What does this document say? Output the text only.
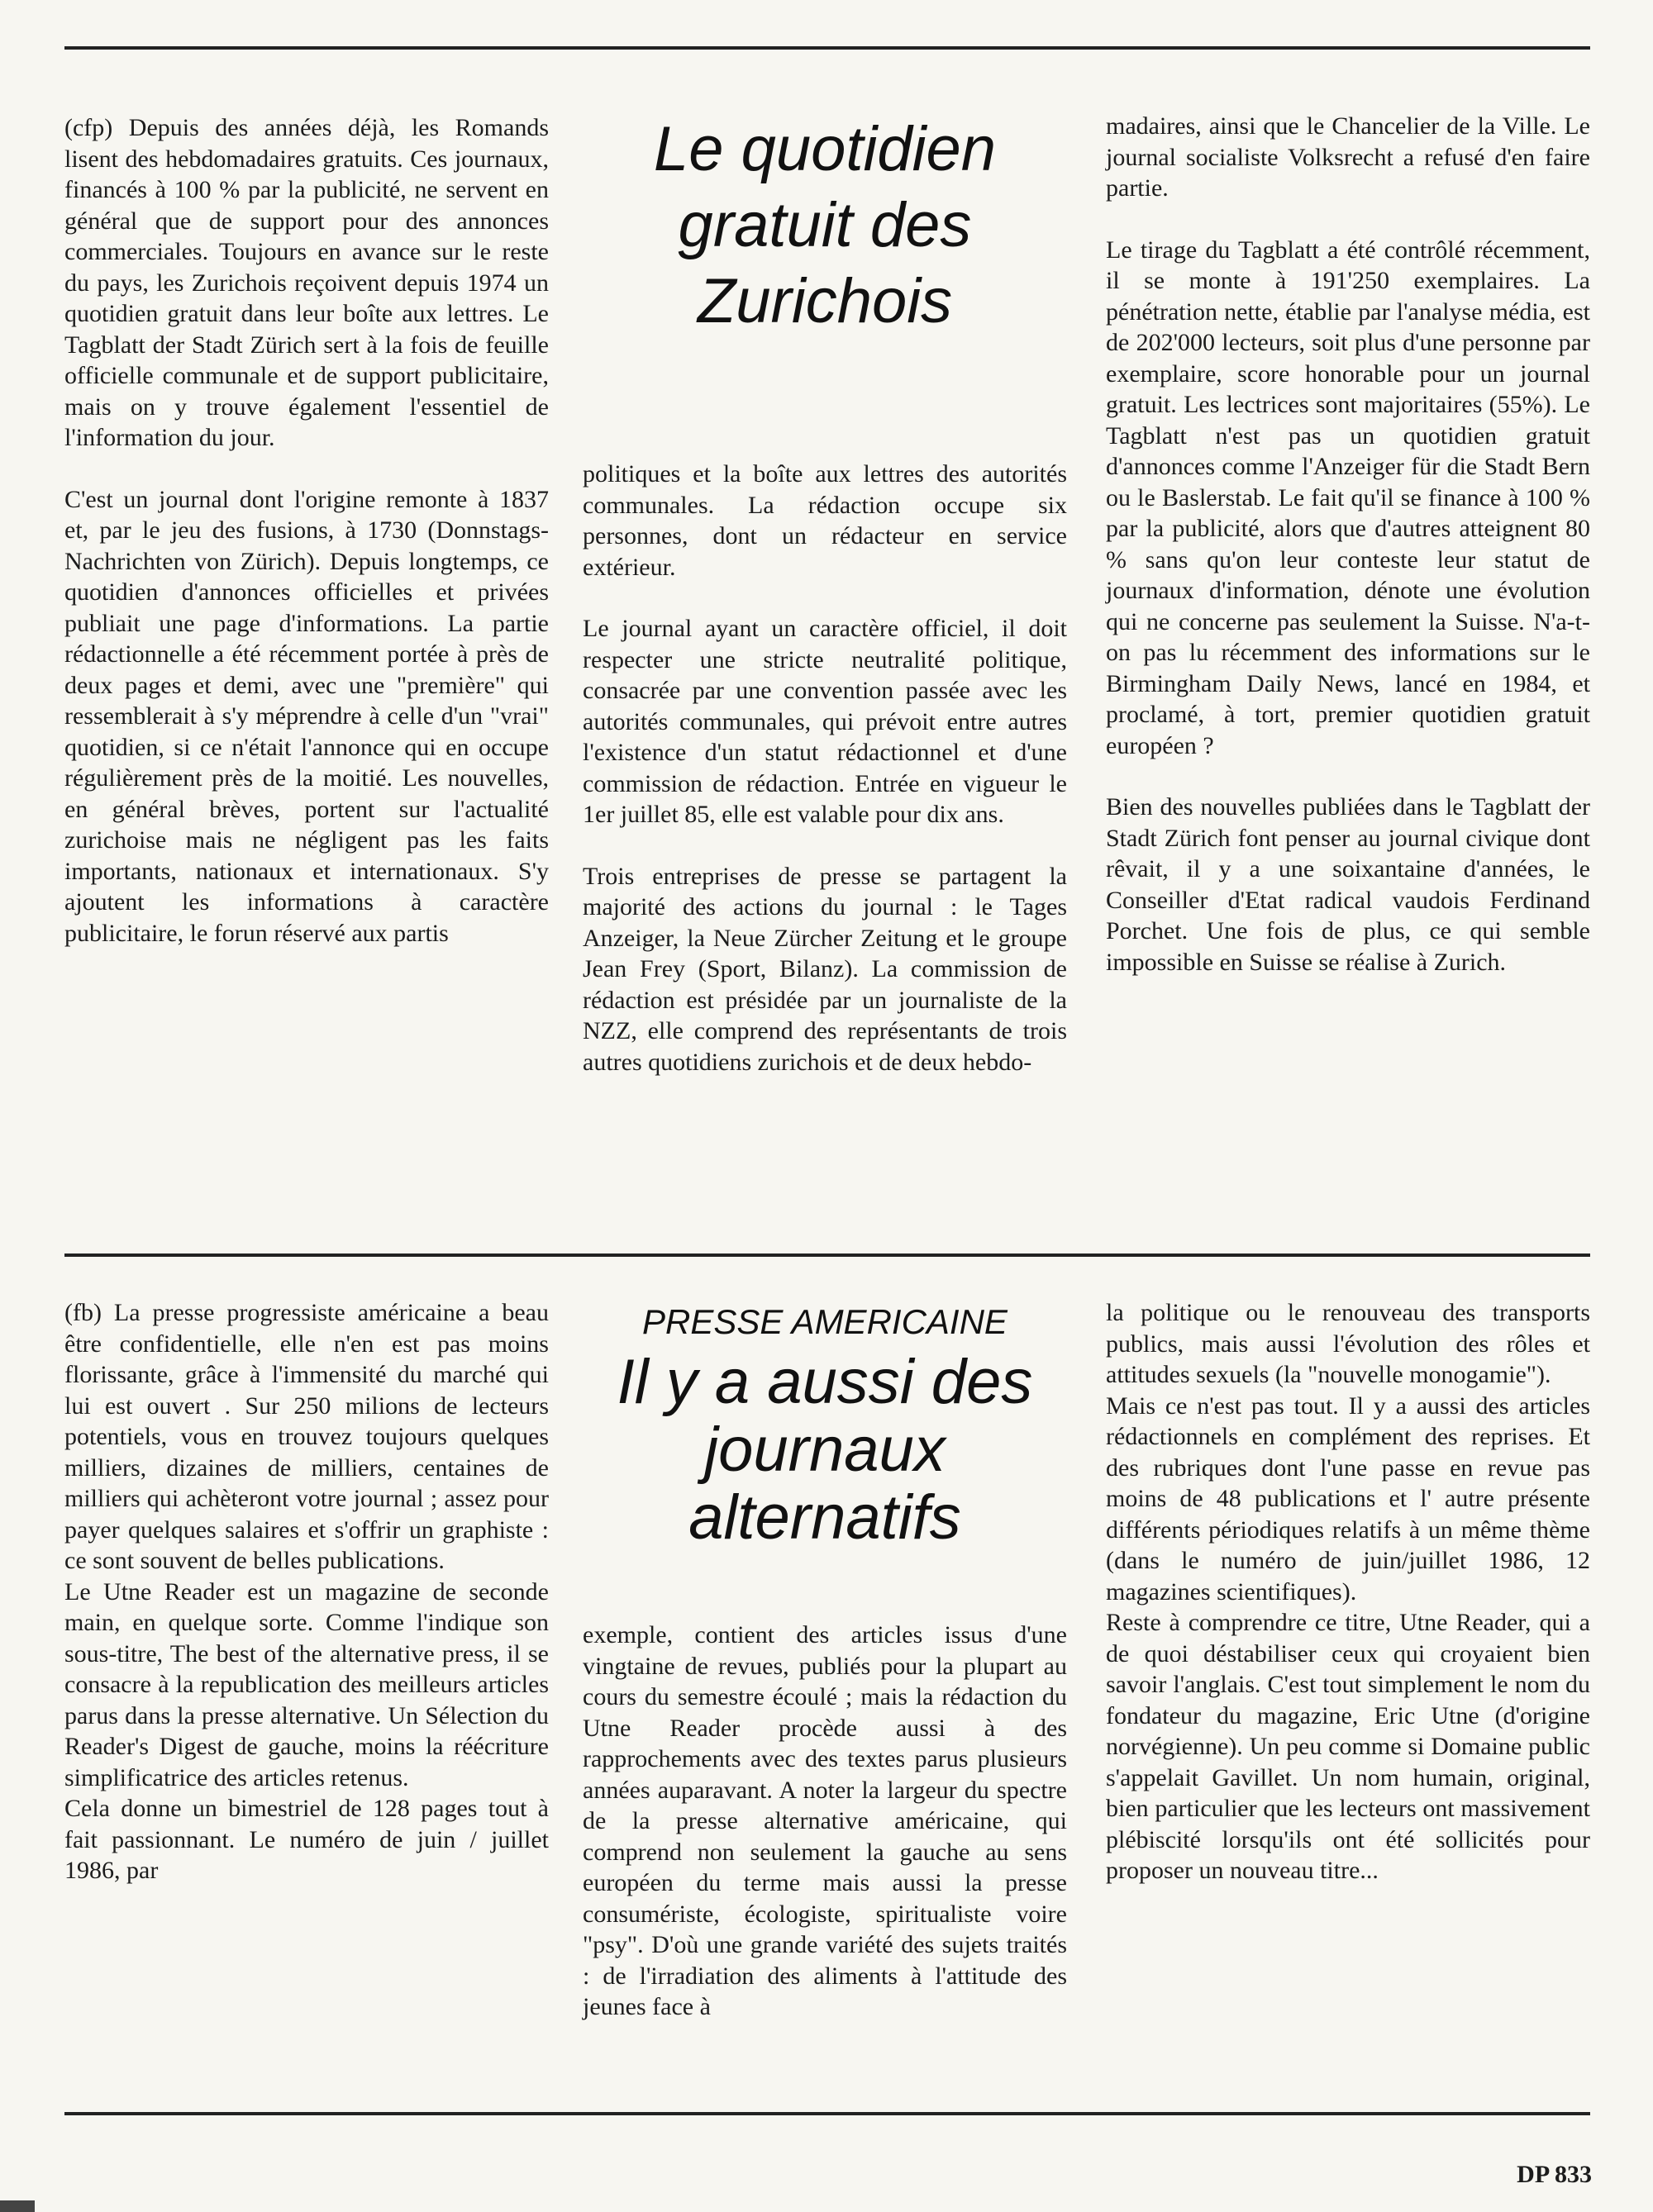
Le quotidien gratuit des Zurichois

(cfp) Depuis des années déjà, les Romands lisent des hebdomadaires gratuits. Ces journaux, financés à 100 % par la publicité, ne servent en général que de support pour des annonces commerciales. Toujours en avance sur le reste du pays, les Zurichois reçoivent depuis 1974 un quotidien gratuit dans leur boîte aux lettres. Le Tagblatt der Stadt Zürich sert à la fois de feuille officielle communale et de support publicitaire, mais on y trouve également l'essentiel de l'information du jour.

C'est un journal dont l'origine remonte à 1837 et, par le jeu des fusions, à 1730 (Donnstags-Nachrichten von Zürich). Depuis longtemps, ce quotidien d'annonces officielles et privées publiait une page d'informations. La partie rédactionnelle a été récemment portée à près de deux pages et demi, avec une "première" qui ressemblerait à s'y méprendre à celle d'un "vrai" quotidien, si ce n'était l'annonce qui en occupe régulièrement près de la moitié. Les nouvelles, en général brèves, portent sur l'actualité zurichoise mais ne négligent pas les faits importants, nationaux et internationaux. S'y ajoutent les informations à caractère publicitaire, le forun réservé aux partis

politiques et la boîte aux lettres des autorités communales. La rédaction occupe six personnes, dont un rédacteur en service extérieur.

Le journal ayant un caractère officiel, il doit respecter une stricte neutralité politique, consacrée par une convention passée avec les autorités communales, qui prévoit entre autres l'existence d'un statut rédactionnel et d'une commission de rédaction. Entrée en vigueur le 1er juillet 85, elle est valable pour dix ans.

Trois entreprises de presse se partagent la majorité des actions du journal : le Tages Anzeiger, la Neue Zürcher Zeitung et le groupe Jean Frey (Sport, Bilanz). La commission de rédaction est présidée par un journaliste de la NZZ, elle comprend des représentants de trois autres quotidiens zurichois et de deux hebdo-

madaires, ainsi que le Chancelier de la Ville. Le journal socialiste Volksrecht a refusé d'en faire partie.

Le tirage du Tagblatt a été contrôlé récemment, il se monte à 191'250 exemplaires. La pénétration nette, établie par l'analyse média, est de 202'000 lecteurs, soit plus d'une personne par exemplaire, score honorable pour un journal gratuit. Les lectrices sont majoritaires (55%). Le Tagblatt n'est pas un quotidien gratuit d'annonces comme l'Anzeiger für die Stadt Bern ou le Baslerstab. Le fait qu'il se finance à 100 % par la publicité, alors que d'autres atteignent 80 % sans qu'on leur conteste leur statut de journaux d'information, dénote une évolution qui ne concerne pas seulement la Suisse. N'a-t-on pas lu récemment des informations sur le Birmingham Daily News, lancé en 1984, et proclamé, à tort, premier quotidien gratuit européen ?

Bien des nouvelles publiées dans le Tagblatt der Stadt Zürich font penser au journal civique dont rêvait, il y a une soixantaine d'années, le Conseiller d'Etat radical vaudois Ferdinand Porchet. Une fois de plus, ce qui semble impossible en Suisse se réalise à Zurich.

PRESSE AMERICAINE
Il y a aussi des journaux alternatifs

(fb) La presse progressiste américaine a beau être confidentielle, elle n'en est pas moins florissante, grâce à l'immensité du marché qui lui est ouvert . Sur 250 milions de lecteurs potentiels, vous en trouvez toujours quelques milliers, dizaines de milliers, centaines de milliers qui achèteront votre journal ; assez pour payer quelques salaires et s'offrir un graphiste : ce sont souvent de belles publications.

Le Utne Reader est un magazine de seconde main, en quelque sorte. Comme l'indique son sous-titre, The best of the alternative press, il se consacre à la republication des meilleurs articles parus dans la presse alternative. Un Sélection du Reader's Digest de gauche, moins la réécriture simplificatrice des articles retenus.

Cela donne un bimestriel de 128 pages tout à fait passionnant. Le numéro de juin / juillet 1986, par

exemple, contient des articles issus d'une vingtaine de revues, publiés pour la plupart au cours du semestre écoulé ; mais la rédaction du Utne Reader procède aussi à des rapprochements avec des textes parus plusieurs années auparavant. A noter la largeur du spectre de la presse alternative américaine, qui comprend non seulement la gauche au sens européen du terme mais aussi la presse consumériste, écologiste, spiritualiste voire "psy". D'où une grande variété des sujets traités : de l'irradiation des aliments à l'attitude des jeunes face à

la politique ou le renouveau des transports publics, mais aussi l'évolution des rôles et attitudes sexuels (la "nouvelle monogamie").

Mais ce n'est pas tout. Il y a aussi des articles rédactionnels en complément des reprises. Et des rubriques dont l'une passe en revue pas moins de 48 publications et l' autre présente différents périodiques relatifs à un même thème (dans le numéro de juin/juillet 1986, 12 magazines scientifiques).

Reste à comprendre ce titre, Utne Reader, qui a de quoi déstabiliser ceux qui croyaient bien savoir l'anglais. C'est tout simplement le nom du fondateur du magazine, Eric Utne (d'origine norvégienne). Un peu comme si Domaine public s'appelait Gavillet. Un nom humain, original, bien particulier que les lecteurs ont massivement plébiscité lorsqu'ils ont été sollicités pour proposer un nouveau titre...

DP 833
